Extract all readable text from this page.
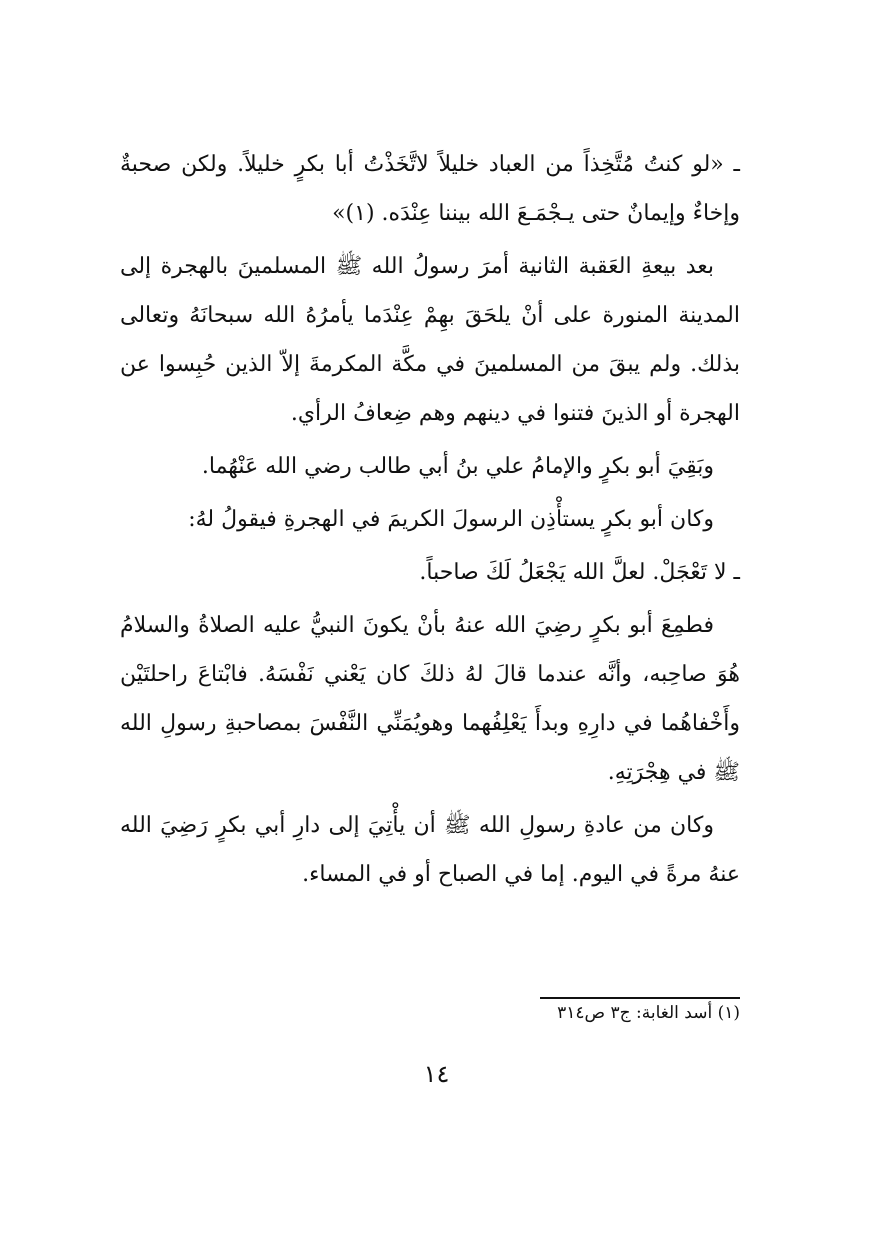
ـ «لو كنتُ مُتَّخِذاً من العباد خليلاً لاتَّخَذْتُ أبا بكرٍ خليلاً. ولكن صحبةٌ وإخاءٌ وإيمانٌ حتى يـجْمَـعَ الله بيننا عِنْدَه. (١)»

بعد بيعةِ العَقبة الثانية أمرَ رسولُ الله ﷺ المسلمينَ بالهجرة إلى المدينة المنورة على أنْ يلحَقَ بهِمْ عِنْدَما يأمرُهُ الله سبحانَهُ وتعالى بذلك. ولم يبقَ من المسلمينَ في مكَّة المكرمةَ إلاّ الذين حُبِسوا عن الهجرة أو الذينَ فتنوا في دينهم وهم ضِعافُ الرأي.

وبَقِيَ أبو بكرٍ والإمامُ علي بنُ أبي طالب رضي الله عَنْهُما.

وكان أبو بكرٍ يستأْذِن الرسولَ الكريمَ في الهجرةِ فيقولُ لهُ:

ـ لا تَعْجَلْ. لعلَّ الله يَجْعَلُ لَكَ صاحباً.

فطمِعَ أبو بكرٍ رضِيَ الله عنهُ بأنْ يكونَ النبيُّ عليه الصلاةُ والسلامُ هُوَ صاحِبه، وأنَّه عندما قالَ لهُ ذلكَ كان يَعْني نَفْسَهُ. فابْتاعَ راحلتَيْن وأَخْفاهُما في دارِهِ وبدأَ يَعْلِفُهما وهويُمَنِّي النَّفْسَ بمصاحبةِ رسولِ الله ﷺ في هِجْرَتِهِ.

وكان من عادةِ رسولِ الله ﷺ أن يأْتِيَ إلى دارِ أبي بكرٍ رَضِيَ الله عنهُ مرةً في اليوم. إما في الصباح أو في المساء.

(١) أسد الغابة: ج٣ ص٣١٤
١٤
